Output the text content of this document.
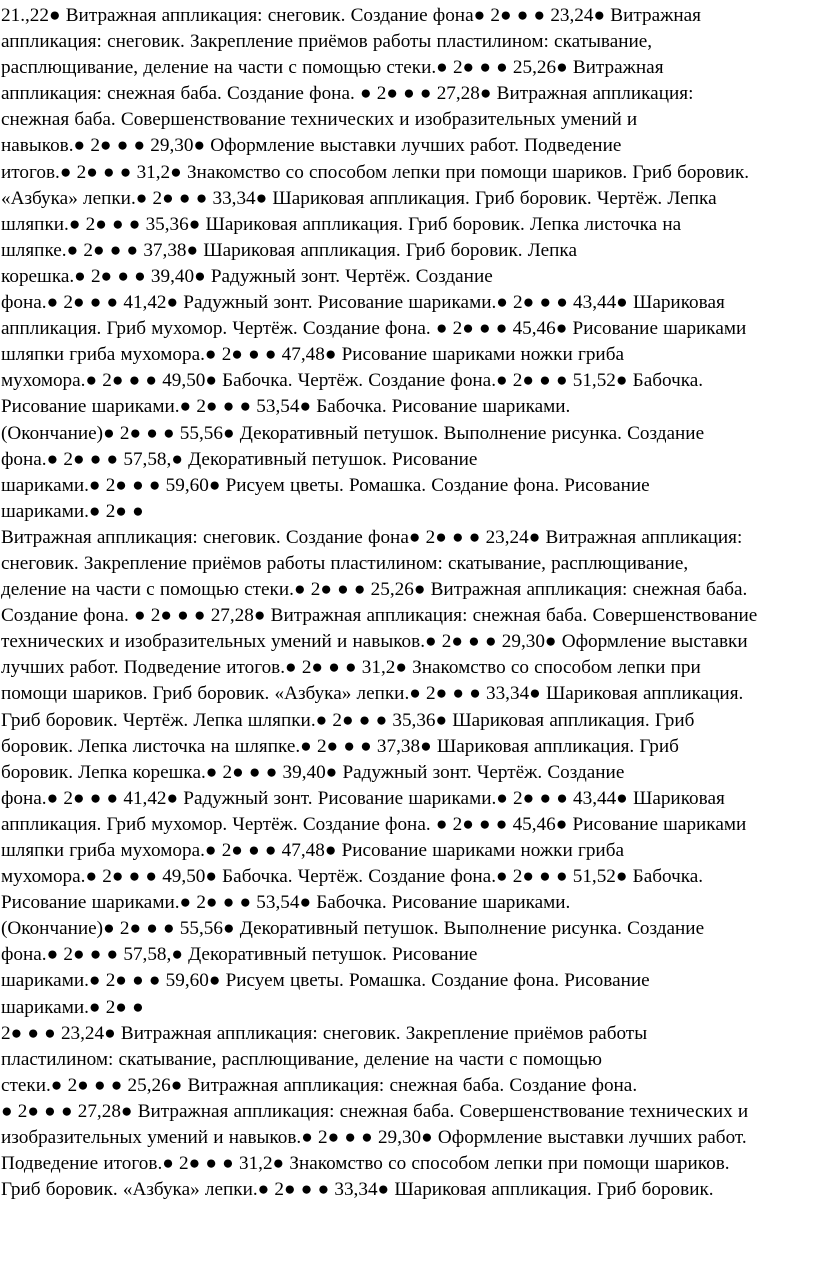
21.,22● Витражная аппликация: снеговик. Создание фона● 2● ● ● 23,24● Витражная
аппликация: снеговик. Закрепление приёмов работы пластилином: скатывание,
расплющивание, деление на части с помощью стеки.● 2● ● ● 25,26● Витражная
аппликация: снежная баба. Создание фона. ● 2● ● ● 27,28● Витражная аппликация:
снежная баба. Совершенствование технических и изобразительных умений и
навыков.● 2● ● ● 29,30● Оформление выставки лучших работ. Подведение
итогов.● 2● ● ● 31,2● Знакомство со способом лепки при помощи шариков. Гриб боровик.
«Азбука» лепки.● 2● ● ● 33,34● Шариковая аппликация. Гриб боровик. Чертёж. Лепка
шляпки.● 2● ● ● 35,36● Шариковая аппликация. Гриб боровик. Лепка листочка на
шляпке.● 2● ● ● 37,38● Шариковая аппликация. Гриб боровик. Лепка
корешка.● 2● ● ● 39,40● Радужный зонт. Чертёж. Создание
фона.● 2● ● ● 41,42● Радужный зонт. Рисование шариками.● 2● ● ● 43,44● Шариковая
аппликация. Гриб мухомор. Чертёж. Создание фона. ● 2● ● ● 45,46● Рисование шариками
шляпки гриба мухомора.● 2● ● ● 47,48● Рисование шариками ножки гриба
мухомора.● 2● ● ● 49,50● Бабочка. Чертёж. Создание фона.● 2● ● ● 51,52● Бабочка.
Рисование шариками.● 2● ● ● 53,54● Бабочка. Рисование шариками.
(Окончание)● 2● ● ● 55,56● Декоративный петушок. Выполнение рисунка. Создание
фона.● 2● ● ● 57,58,● Декоративный петушок. Рисование
шариками.● 2● ● ● 59,60● Рисуем цветы. Ромашка. Создание фона. Рисование
шариками.● 2● ●
Витражная аппликация: снеговик. Создание фона● 2● ● ● 23,24● Витражная аппликация:
снеговик. Закрепление приёмов работы пластилином: скатывание, расплющивание,
деление на части с помощью стеки.● 2● ● ● 25,26● Витражная аппликация: снежная баба.
Создание фона. ● 2● ● ● 27,28● Витражная аппликация: снежная баба. Совершенствование
технических и изобразительных умений и навыков.● 2● ● ● 29,30● Оформление выставки
лучших работ. Подведение итогов.● 2● ● ● 31,2● Знакомство со способом лепки при
помощи шариков. Гриб боровик. «Азбука» лепки.● 2● ● ● 33,34● Шариковая аппликация.
Гриб боровик. Чертёж. Лепка шляпки.● 2● ● ● 35,36● Шариковая аппликация. Гриб
боровик. Лепка листочка на шляпке.● 2● ● ● 37,38● Шариковая аппликация. Гриб
боровик. Лепка корешка.● 2● ● ● 39,40● Радужный зонт. Чертёж. Создание
фона.● 2● ● ● 41,42● Радужный зонт. Рисование шариками.● 2● ● ● 43,44● Шариковая
аппликация. Гриб мухомор. Чертёж. Создание фона. ● 2● ● ● 45,46● Рисование шариками
шляпки гриба мухомора.● 2● ● ● 47,48● Рисование шариками ножки гриба
мухомора.● 2● ● ● 49,50● Бабочка. Чертёж. Создание фона.● 2● ● ● 51,52● Бабочка.
Рисование шариками.● 2● ● ● 53,54● Бабочка. Рисование шариками.
(Окончание)● 2● ● ● 55,56● Декоративный петушок. Выполнение рисунка. Создание
фона.● 2● ● ● 57,58,● Декоративный петушок. Рисование
шариками.● 2● ● ● 59,60● Рисуем цветы. Ромашка. Создание фона. Рисование
шариками.● 2● ●
2● ● ● 23,24● Витражная аппликация: снеговик. Закрепление приёмов работы
пластилином: скатывание, расплющивание, деление на части с помощью
стеки.● 2● ● ● 25,26● Витражная аппликация: снежная баба. Создание фона.
● 2● ● ● 27,28● Витражная аппликация: снежная баба. Совершенствование технических и
изобразительных умений и навыков.● 2● ● ● 29,30● Оформление выставки лучших работ.
Подведение итогов.● 2● ● ● 31,2● Знакомство со способом лепки при помощи шариков.
Гриб боровик. «Азбука» лепки.● 2● ● ● 33,34● Шариковая аппликация. Гриб боровик.
